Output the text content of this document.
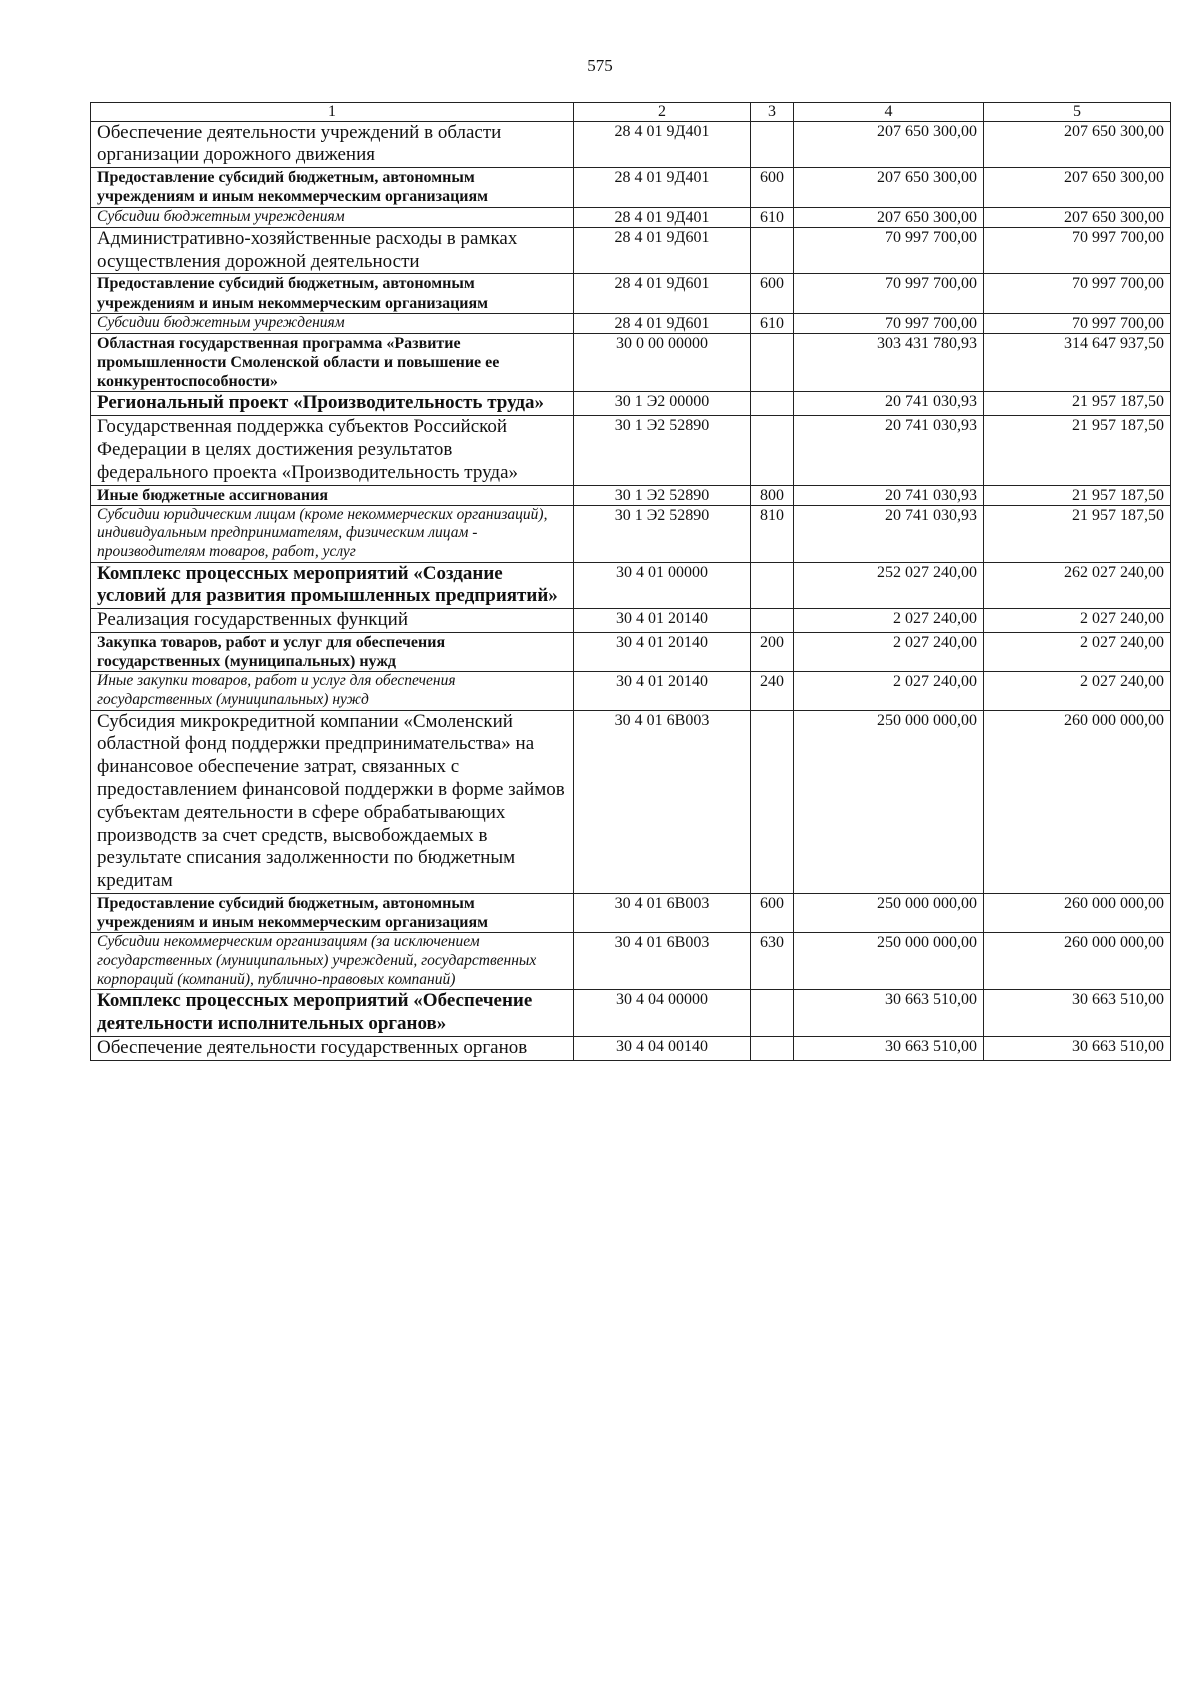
575
1	2	3	4	5
Обеспечение деятельности учреждений в области организации дорожного движения	28 4 01 9Д401		207 650 300,00	207 650 300,00
Предоставление субсидий бюджетным, автономным учреждениям и иным некоммерческим организациям	28 4 01 9Д401	600	207 650 300,00	207 650 300,00
Субсидии бюджетным учреждениям	28 4 01 9Д401	610	207 650 300,00	207 650 300,00
Административно-хозяйственные расходы в рамках осуществления дорожной деятельности	28 4 01 9Д601		70 997 700,00	70 997 700,00
Предоставление субсидий бюджетным, автономным учреждениям и иным некоммерческим организациям	28 4 01 9Д601	600	70 997 700,00	70 997 700,00
Субсидии бюджетным учреждениям	28 4 01 9Д601	610	70 997 700,00	70 997 700,00
Областная государственная программа «Развитие промышленности Смоленской области и повышение ее конкурентоспособности»	30 0 00 00000		303 431 780,93	314 647 937,50
Региональный проект «Производительность труда»	30 1 Э2 00000		20 741 030,93	21 957 187,50
Государственная поддержка субъектов Российской Федерации в целях достижения результатов федерального проекта «Производительность труда»	30 1 Э2 52890		20 741 030,93	21 957 187,50
Иные бюджетные ассигнования	30 1 Э2 52890	800	20 741 030,93	21 957 187,50
Субсидии юридическим лицам (кроме некоммерческих организаций), индивидуальным предпринимателям, физическим лицам - производителям товаров, работ, услуг	30 1 Э2 52890	810	20 741 030,93	21 957 187,50
Комплекс процессных мероприятий «Создание условий для развития промышленных предприятий»	30 4 01 00000		252 027 240,00	262 027 240,00
Реализация государственных функций	30 4 01 20140		2 027 240,00	2 027 240,00
Закупка товаров, работ и услуг для обеспечения государственных (муниципальных) нужд	30 4 01 20140	200	2 027 240,00	2 027 240,00
Иные закупки товаров, работ и услуг для обеспечения государственных (муниципальных) нужд	30 4 01 20140	240	2 027 240,00	2 027 240,00
Субсидия микрокредитной компании «Смоленский областной фонд поддержки предпринимательства» на финансовое обеспечение затрат, связанных с предоставлением финансовой поддержки в форме займов субъектам деятельности в сфере обрабатывающих производств за счет средств, высвобождаемых в результате списания задолженности по бюджетным кредитам	30 4 01 6В003		250 000 000,00	260 000 000,00
Предоставление субсидий бюджетным, автономным учреждениям и иным некоммерческим организациям	30 4 01 6В003	600	250 000 000,00	260 000 000,00
Субсидии некоммерческим организациям (за исключением государственных (муниципальных) учреждений, государственных корпораций (компаний), публично-правовых компаний)	30 4 01 6В003	630	250 000 000,00	260 000 000,00
Комплекс процессных мероприятий «Обеспечение деятельности исполнительных органов»	30 4 04 00000		30 663 510,00	30 663 510,00
Обеспечение деятельности государственных органов	30 4 04 00140		30 663 510,00	30 663 510,00
